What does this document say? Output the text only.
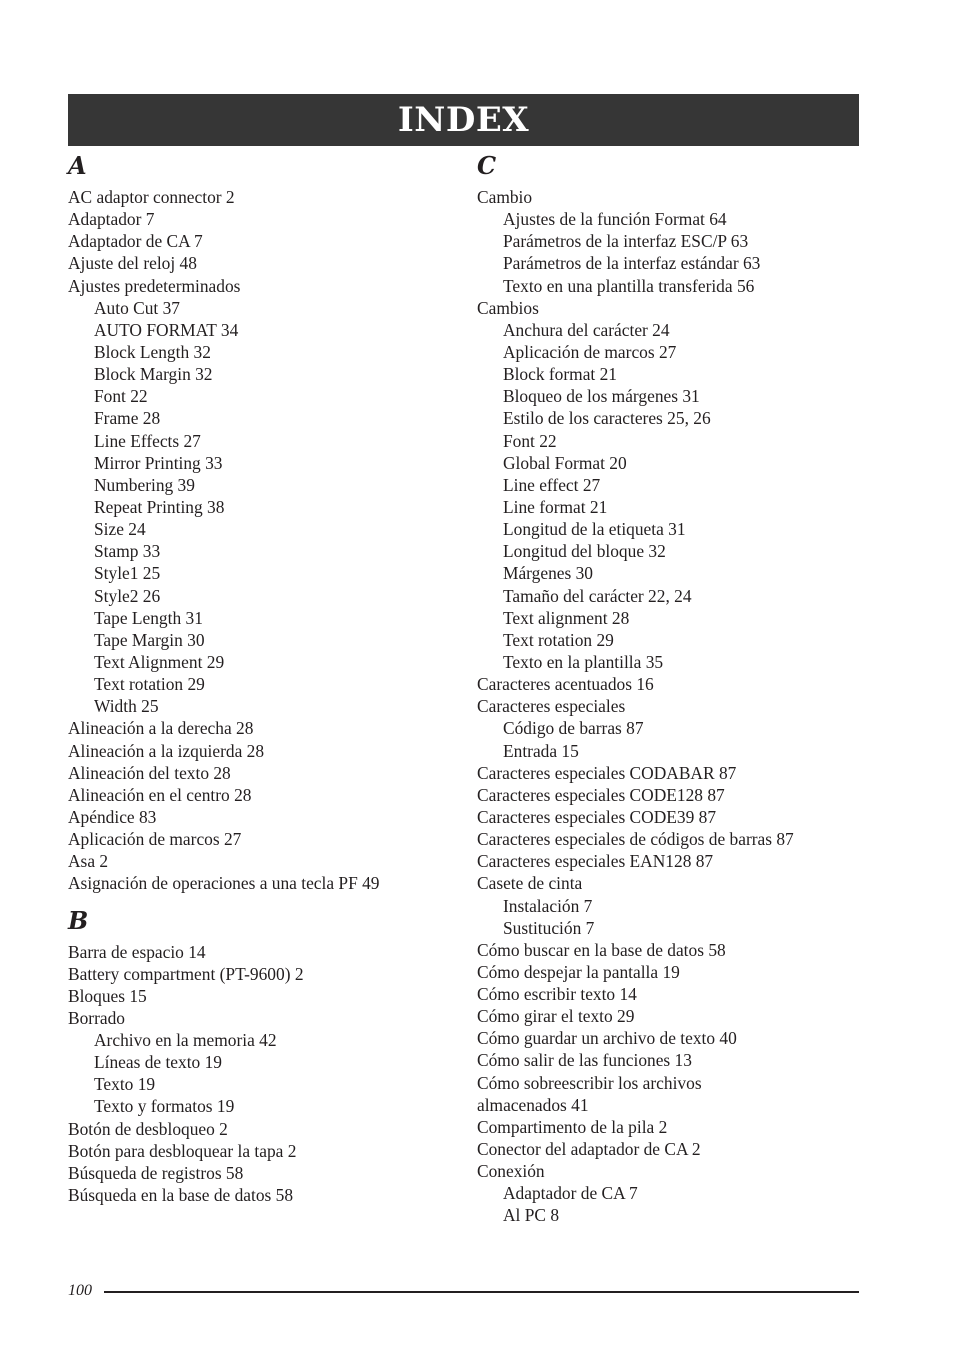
INDEX
A
AC adaptor connector 2
Adaptador 7
Adaptador de CA 7
Ajuste del reloj 48
Ajustes predeterminados
Auto Cut 37
AUTO FORMAT 34
Block Length 32
Block Margin 32
Font 22
Frame 28
Line Effects 27
Mirror Printing 33
Numbering 39
Repeat Printing 38
Size 24
Stamp 33
Style1 25
Style2 26
Tape Length 31
Tape Margin 30
Text Alignment 29
Text rotation 29
Width 25
Alineación a la derecha 28
Alineación a la izquierda 28
Alineación del texto 28
Alineación en el centro 28
Apéndice 83
Aplicación de marcos 27
Asa 2
Asignación de operaciones a una tecla PF 49
B
Barra de espacio 14
Battery compartment (PT-9600) 2
Bloques 15
Borrado
Archivo en la memoria 42
Líneas de texto 19
Texto 19
Texto y formatos 19
Botón de desbloqueo 2
Botón para desbloquear la tapa 2
Búsqueda de registros 58
Búsqueda en la base de datos 58
C
Cambio
Ajustes de la función Format 64
Parámetros de la interfaz ESC/P 63
Parámetros de la interfaz estándar 63
Texto en una plantilla transferida 56
Cambios
Anchura del carácter 24
Aplicación de marcos 27
Block format 21
Bloqueo de los márgenes 31
Estilo de los caracteres 25, 26
Font 22
Global Format 20
Line effect 27
Line format 21
Longitud de la etiqueta 31
Longitud del bloque 32
Márgenes 30
Tamaño del carácter 22, 24
Text alignment 28
Text rotation 29
Texto en la plantilla 35
Caracteres acentuados 16
Caracteres especiales
Código de barras 87
Entrada 15
Caracteres especiales CODABAR 87
Caracteres especiales CODE128 87
Caracteres especiales CODE39 87
Caracteres especiales de códigos de barras 87
Caracteres especiales EAN128 87
Casete de cinta
Instalación 7
Sustitución 7
Cómo buscar en la base de datos 58
Cómo despejar la pantalla 19
Cómo escribir texto 14
Cómo girar el texto 29
Cómo guardar un archivo de texto 40
Cómo salir de las funciones 13
Cómo sobreescribir los archivos
almacenados 41
Compartimento de la pila 2
Conector del adaptador de CA 2
Conexión
Adaptador de CA 7
Al PC 8
100
